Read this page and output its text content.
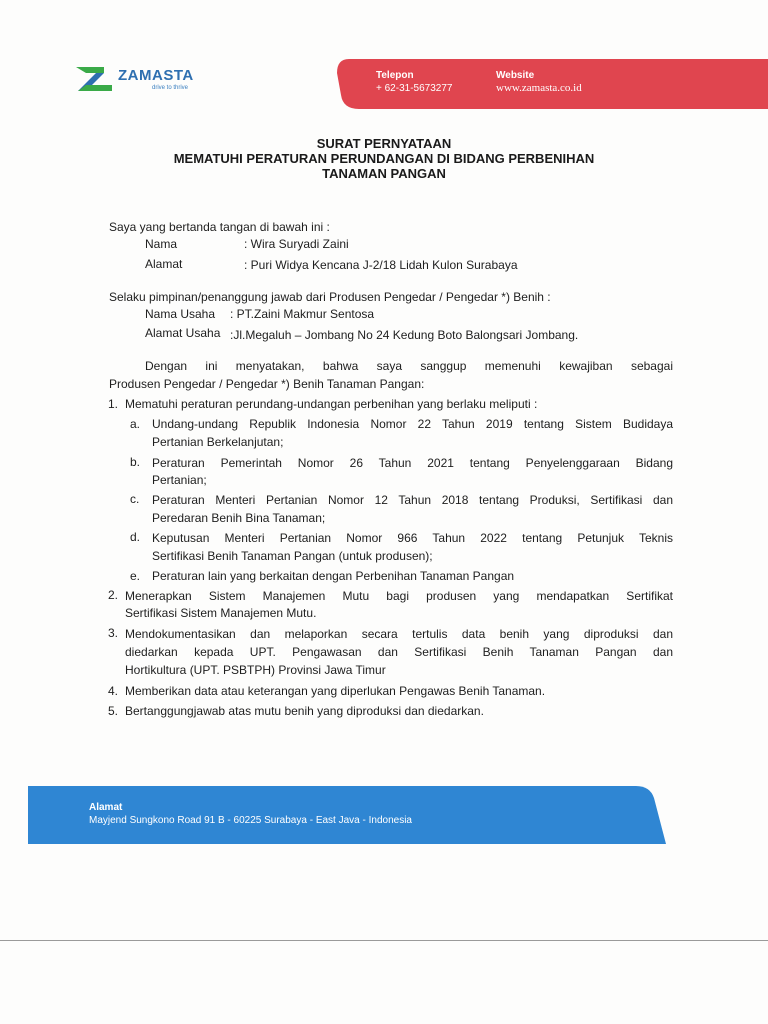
ZAMASTA
drive to thrive
Telepon
+ 62-31-5673277
Website
www.zamasta.co.id
SURAT PERNYATAAN
MEMATUHI PERATURAN PERUNDANGAN DI BIDANG PERBENIHAN
TANAMAN PANGAN
Saya yang bertanda tangan di bawah ini :
Nama	: Wira Suryadi Zaini
Alamat	: Puri Widya Kencana J-2/18 Lidah Kulon Surabaya
Selaku pimpinan/penanggung jawab dari Produsen Pengedar / Pengedar *) Benih :
Nama Usaha : PT.Zaini Makmur Sentosa
Alamat Usaha :Jl.Megaluh – Jombang No 24 Kedung Boto Balongsari Jombang.
Dengan ini menyatakan, bahwa saya sanggup memenuhi kewajiban sebagai
Produsen Pengedar / Pengedar *) Benih Tanaman Pangan:
1. Mematuhi peraturan perundang-undangan perbenihan yang berlaku meliputi :
a. Undang-undang Republik Indonesia Nomor 22 Tahun 2019 tentang Sistem Budidaya
Pertanian Berkelanjutan;
b. Peraturan Pemerintah Nomor 26 Tahun 2021 tentang Penyelenggaraan Bidang
Pertanian;
c. Peraturan Menteri Pertanian Nomor 12 Tahun 2018 tentang Produksi, Sertifikasi dan
Peredaran Benih Bina Tanaman;
d. Keputusan Menteri Pertanian Nomor 966 Tahun 2022 tentang Petunjuk Teknis
Sertifikasi Benih Tanaman Pangan (untuk produsen);
e. Peraturan lain yang berkaitan dengan Perbenihan Tanaman Pangan
2. Menerapkan Sistem Manajemen Mutu bagi produsen yang mendapatkan Sertifikat
Sertifikasi Sistem Manajemen Mutu.
3. Mendokumentasikan dan melaporkan secara tertulis data benih yang diproduksi dan
diedarkan kepada UPT. Pengawasan dan Sertifikasi Benih Tanaman Pangan dan
Hortikultura (UPT. PSBTPH) Provinsi Jawa Timur
4. Memberikan data atau keterangan yang diperlukan Pengawas Benih Tanaman.
5. Bertanggungjawab atas mutu benih yang diproduksi dan diedarkan.
Alamat
Mayjend Sungkono Road 91 B - 60225 Surabaya - East Java - Indonesia
